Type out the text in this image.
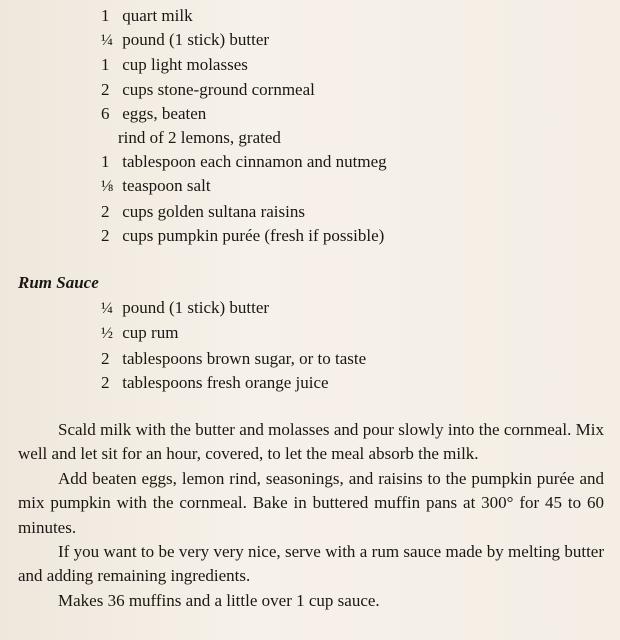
1 quart milk
¼ pound (1 stick) butter
1 cup light molasses
2 cups stone-ground cornmeal
6 eggs, beaten
rind of 2 lemons, grated
1 tablespoon each cinnamon and nutmeg
⅛ teaspoon salt
2 cups golden sultana raisins
2 cups pumpkin purée (fresh if possible)
Rum Sauce
¼ pound (1 stick) butter
½ cup rum
2 tablespoons brown sugar, or to taste
2 tablespoons fresh orange juice

Scald milk with the butter and molasses and pour slowly into the cornmeal. Mix well and let sit for an hour, covered, to let the meal absorb the milk.

Add beaten eggs, lemon rind, seasonings, and raisins to the pumpkin purée and mix pumpkin with the cornmeal. Bake in buttered muffin pans at 300° for 45 to 60 minutes.

If you want to be very very nice, serve with a rum sauce made by melting butter and adding remaining ingredients.

Makes 36 muffins and a little over 1 cup sauce.
